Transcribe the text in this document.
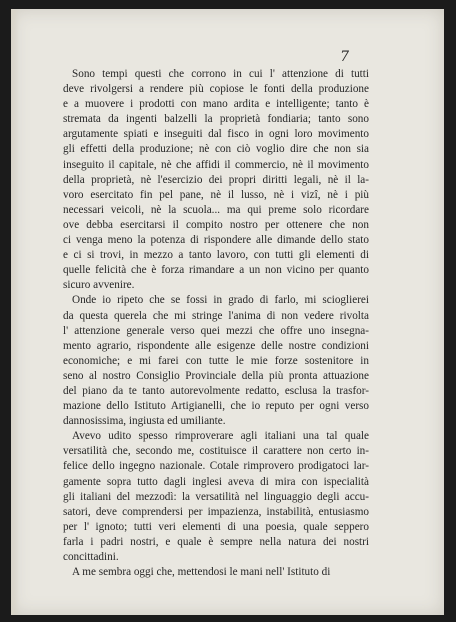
7
Sono tempi questi che corrono in cui l' attenzione di tutti
deve rivolgersi a rendere più copiose le fonti della produzione
e a muovere i prodotti con mano ardita e intelligente; tanto è
stremata da ingenti balzelli la proprietà fondiaria; tanto sono
argutamente spiati e inseguiti dal fisco in ogni loro movimento
gli effetti della produzione; nè con ciò voglio dire che non sia
inseguito il capitale, nè che affidi il commercio, nè il movimento
della proprietà, nè l'esercizio dei propri diritti legali, nè il la-
voro esercitato fin pel pane, nè il lusso, nè i vizî, nè i più
necessari veicoli, nè la scuola... ma qui preme solo ricordare
ove debba esercitarsi il compito nostro per ottenere che non
ci venga meno la potenza di rispondere alle dimande dello stato
e ci si trovi, in mezzo a tanto lavoro, con tutti gli elementi di
quelle felicità che è forza rimandare a un non vicino per quanto
sicuro avvenire.
Onde io ripeto che se fossi in grado di farlo, mi scioglierei
da questa querela che mi stringe l'anima di non vedere rivolta
l' attenzione generale verso quei mezzi che offre uno insegna-
mento agrario, rispondente alle esigenze delle nostre condizioni
economiche; e mi farei con tutte le mie forze sostenitore in
seno al nostro Consiglio Provinciale della più pronta attuazione
del piano da te tanto autorevolmente redatto, esclusa la trasfor-
mazione dello Istituto Artigianelli, che io reputo per ogni verso
dannosissima, ingiusta ed umiliante.
Avevo udito spesso rimproverare agli italiani una tal quale
versatilità che, secondo me, costituisce il carattere non certo in-
felice dello ingegno nazionale. Cotale rimprovero prodigatoci lar-
gamente sopra tutto dagli inglesi aveva di mira con ispecialità
gli italiani del mezzodì: la versatilità nel linguaggio degli accu-
satori, deve comprendersi per impazienza, instabilità, entusiasmo
per l' ignoto; tutti veri elementi di una poesia, quale seppero
farla i padri nostri, e quale è sempre nella natura dei nostri
concittadini.
A me sembra oggi che, mettendosi le mani nell' Istituto di
